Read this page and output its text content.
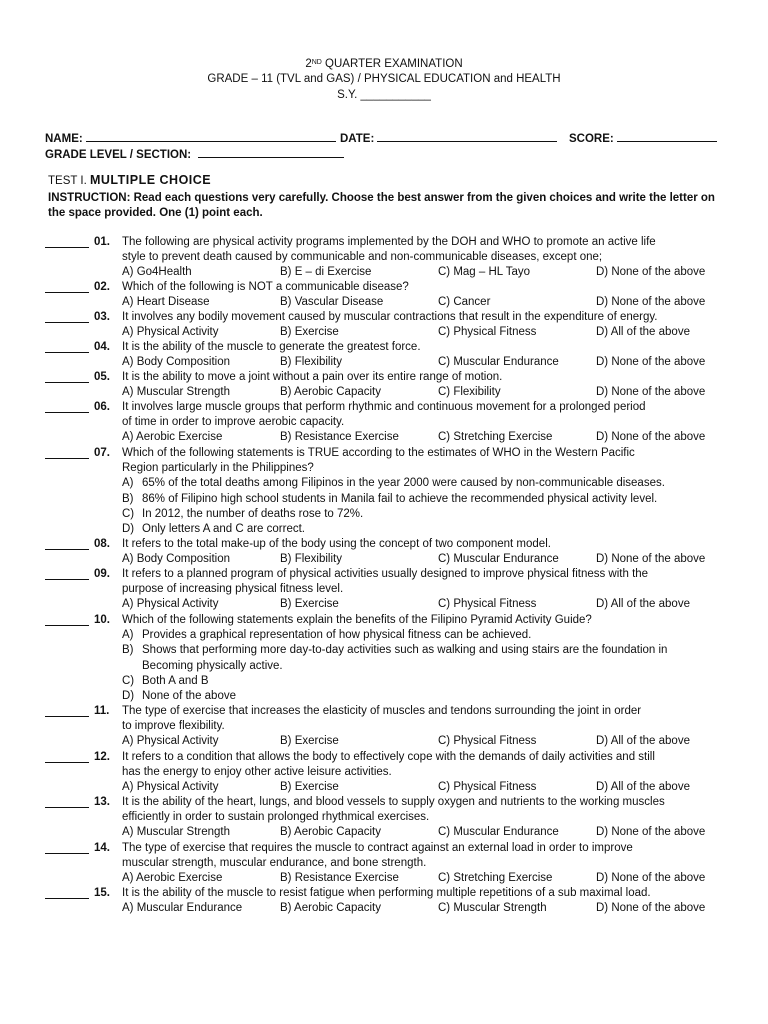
2ND QUARTER EXAMINATION
GRADE – 11 (TVL and GAS) / PHYSICAL EDUCATION and HEALTH
S.Y. ___________
NAME:	DATE:	SCORE:
GRADE LEVEL / SECTION:
TEST I. MULTIPLE CHOICE
INSTRUCTION: Read each questions very carefully. Choose the best answer from the given choices and write the letter on
the space provided. One (1) point each.
01. The following are physical activity programs implemented by the DOH and WHO to promote an active life
style to prevent death caused by communicable and non-communicable diseases, except one;
A) Go4Health	B) E – di Exercise	C) Mag – HL Tayo	D) None of the above
02. Which of the following is NOT a communicable disease?
A) Heart Disease	B) Vascular Disease	C) Cancer	D) None of the above
03. It involves any bodily movement caused by muscular contractions that result in the expenditure of energy.
A) Physical Activity	B) Exercise	C) Physical Fitness	D) All of the above
04. It is the ability of the muscle to generate the greatest force.
A) Body Composition	B) Flexibility	C) Muscular Endurance	D) None of the above
05. It is the ability to move a joint without a pain over its entire range of motion.
A) Muscular Strength	B) Aerobic Capacity	C) Flexibility	D) None of the above
06. It involves large muscle groups that perform rhythmic and continuous movement for a prolonged period
of time in order to improve aerobic capacity.
A) Aerobic Exercise	B) Resistance Exercise	C) Stretching Exercise	D) None of the above
07. Which of the following statements is TRUE according to the estimates of WHO in the Western Pacific
Region particularly in the Philippines?
A) 65% of the total deaths among Filipinos in the year 2000 were caused by non-communicable diseases.
B) 86% of Filipino high school students in Manila fail to achieve the recommended physical activity level.
C) In 2012, the number of deaths rose to 72%.
D) Only letters A and C are correct.
08. It refers to the total make-up of the body using the concept of two component model.
A) Body Composition	B) Flexibility	C) Muscular Endurance	D) None of the above
09. It refers to a planned program of physical activities usually designed to improve physical fitness with the
purpose of increasing physical fitness level.
A) Physical Activity	B) Exercise	C) Physical Fitness	D) All of the above
10. Which of the following statements explain the benefits of the Filipino Pyramid Activity Guide?
A) Provides a graphical representation of how physical fitness can be achieved.
B) Shows that performing more day-to-day activities such as walking and using stairs are the foundation in
Becoming physically active.
C) Both A and B
D) None of the above
11. The type of exercise that increases the elasticity of muscles and tendons surrounding the joint in order
to improve flexibility.
A) Physical Activity	B) Exercise	C) Physical Fitness	D) All of the above
12. It refers to a condition that allows the body to effectively cope with the demands of daily activities and still
has the energy to enjoy other active leisure activities.
A) Physical Activity	B) Exercise	C) Physical Fitness	D) All of the above
13. It is the ability of the heart, lungs, and blood vessels to supply oxygen and nutrients to the working muscles
efficiently in order to sustain prolonged rhythmical exercises.
A) Muscular Strength	B) Aerobic Capacity	C) Muscular Endurance	D) None of the above
14. The type of exercise that requires the muscle to contract against an external load in order to improve
muscular strength, muscular endurance, and bone strength.
A) Aerobic Exercise	B) Resistance Exercise	C) Stretching Exercise	D) None of the above
15. It is the ability of the muscle to resist fatigue when performing multiple repetitions of a sub maximal load.
A) Muscular Endurance	B) Aerobic Capacity	C) Muscular Strength	D) None of the above
